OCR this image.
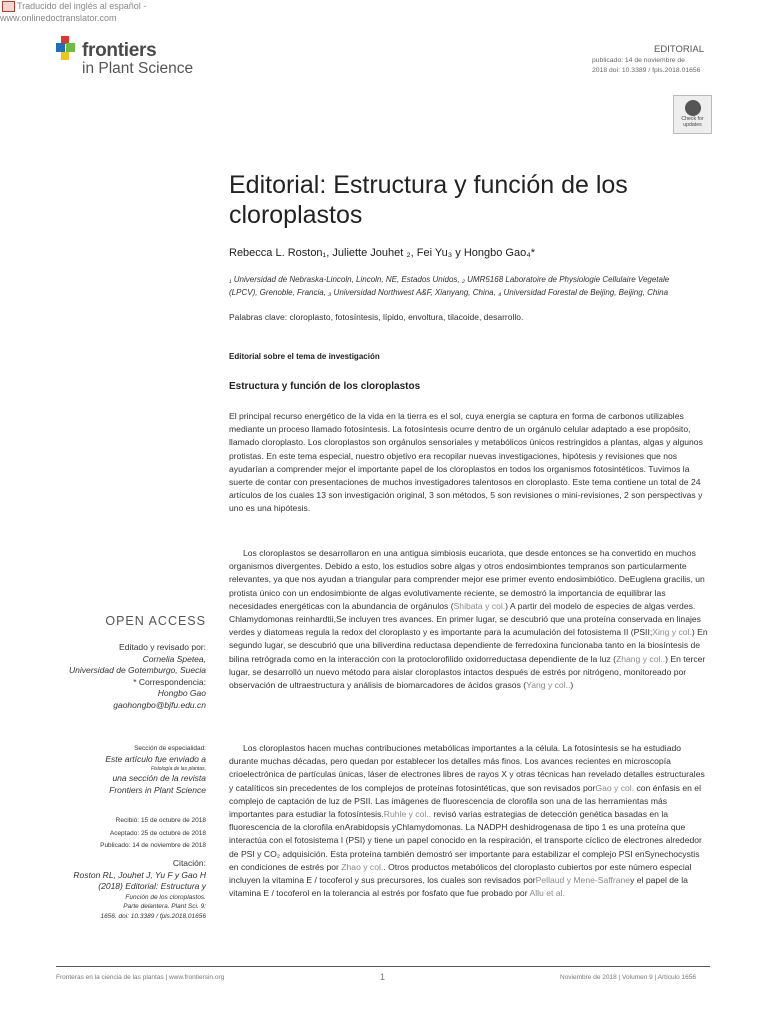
Traducido del inglés al español - www.onlinedoctranslator.com
frontiers
in Plant Science
EDITORIAL
publicado: 14 de noviembre de
2018 doi: 10.3389 / fpls.2018.01656
Check for
updates
Editorial: Estructura y función de los cloroplastos
Rebecca L. Roston₁, Juliette Jouhet ₂, Fei Yu₃ y Hongbo Gao₄*
₁ Universidad de Nebraska-Lincoln, Lincoln, NE, Estados Unidos, ₂ UMR5168 Laboratoire de Physiologie Cellulaire Vegetale (LPCV), Grenoble, Francia, ₃ Universidad Northwest A&F, Xianyang, China, ₄ Universidad Forestal de Beijing, Beijing, China
Palabras clave: cloroplasto, fotosíntesis, lípido, envoltura, tilacoide, desarrollo.
Editorial sobre el tema de investigación
Estructura y función de los cloroplastos

El principal recurso energético de la vida en la tierra es el sol, cuya energía se captura en forma de carbonos utilizables mediante un proceso llamado fotosíntesis. La fotosíntesis ocurre dentro de un orgánulo celular adaptado a ese propósito, llamado cloroplasto. Los cloroplastos son orgánulos sensoriales y metabólicos únicos restringidos a plantas, algas y algunos protistas. En este tema especial, nuestro objetivo era recopilar nuevas investigaciones, hipótesis y revisiones que nos ayudarían a comprender mejor el importante papel de los cloroplastos en todos los organismos fotosintéticos. Tuvimos la suerte de contar con presentaciones de muchos investigadores talentosos en cloroplasto. Este tema contiene un total de 24 artículos de los cuales 13 son investigación original, 3 son métodos, 5 son revisiones o mini-revisiones, 2 son perspectivas y uno es una hipótesis.

Los cloroplastos se desarrollaron en una antigua simbiosis eucariota, que desde entonces se ha convertido en muchos organismos divergentes. Debido a esto, los estudios sobre algas y otros endosimbiontes tempranos son particularmente relevantes, ya que nos ayudan a triangular para comprender mejor ese primer evento endosimbiótico. DeEuglena gracilis, un protista único con un endosimbionte de algas evolutivamente reciente, se demostró la importancia de equilibrar las necesidades energéticas con la abundancia de orgánulos (Shibata y col.) A partir del modelo de especies de algas verdes. Chlamydomonas reinhardtii,Se incluyen tres avances. En primer lugar, se descubrió que una proteína conservada en linajes verdes y diatomeas regula la redox del cloroplasto y es importante para la acumulación del fotosistema II (PSII;Xing y col.) En segundo lugar, se descubrió que una biliverdina reductasa dependiente de ferredoxina funcionaba tanto en la biosíntesis de bilina retrógrada como en la interacción con la protoclorofilido oxidorreductasa dependiente de la luz (Zhang y col..) En tercer lugar, se desarrolló un nuevo método para aislar cloroplastos intactos después de estrés por nitrógeno, monitoreado por observación de ultraestructura y análisis de biomarcadores de ácidos grasos (Yang y col..)

Los cloroplastos hacen muchas contribuciones metabólicas importantes a la célula. La fotosíntesis se ha estudiado durante muchas décadas, pero quedan por establecer los detalles más finos. Los avances recientes en microscopía crioelectrónica de partículas únicas, láser de electrones libres de rayos X y otras técnicas han revelado detalles estructurales y catalíticos sin precedentes de los complejos de proteínas fotosintéticas, que son revisados porGao y col. con énfasis en el complejo de captación de luz de PSII. Las imágenes de fluorescencia de clorofila son una de las herramientas más importantes para estudiar la fotosíntesis.Ruhle y col.. revisó varias estrategias de detección genética basadas en la fluorescencia de la clorofila enArabidopsis yChlamydomonas. La NADPH deshidrogenasa de tipo 1 es una proteína que interactúa con el fotosistema I (PSI) y tiene un papel conocido en la respiración, el transporte cíclico de electrones alrededor de PSI y CO₂ adquisición. Esta proteína también demostró ser importante para estabilizar el complejo PSI enSynechocystis en condiciones de estrés por Zhao y col.. Otros productos metabólicos del cloroplasto cubiertos por este número especial incluyen la vitamina E / tocoferol y sus precursores, los cuales son revisados porPellaud y Mene-Saffraney el papel de la vitamina E / tocoferol en la tolerancia al estrés por fosfato que fue probado por Allu et al.

OPEN ACCESS
Editado y revisado por:
Cornelia Spetea,
Universidad de Gotemburgo, Suecia
* Correspondencia:
Hongbo Gao
gaohongbo@bjfu.edu.cn
Sección de especialidad:
Este artículo fue enviado a
Fisiología de las plantas,
una sección de la revista
Frontiers in Plant Science
Recibió: 15 de octubre de 2018
Aceptado: 25 de octubre de 2018
Publicado: 14 de noviembre de 2018
Citación:
Roston RL, Jouhet J, Yu F y Gao H
(2018) Editorial: Estructura y
Función de los cloroplastos.
Parte delantera. Plant Sci. 9:
1656. doi: 10.3389 / fpls.2018.01656
Fronteras en la ciencia de las plantas | www.frontiersin.org	1	Noviembre de 2018 | Volumen 9 | Artículo 1656
